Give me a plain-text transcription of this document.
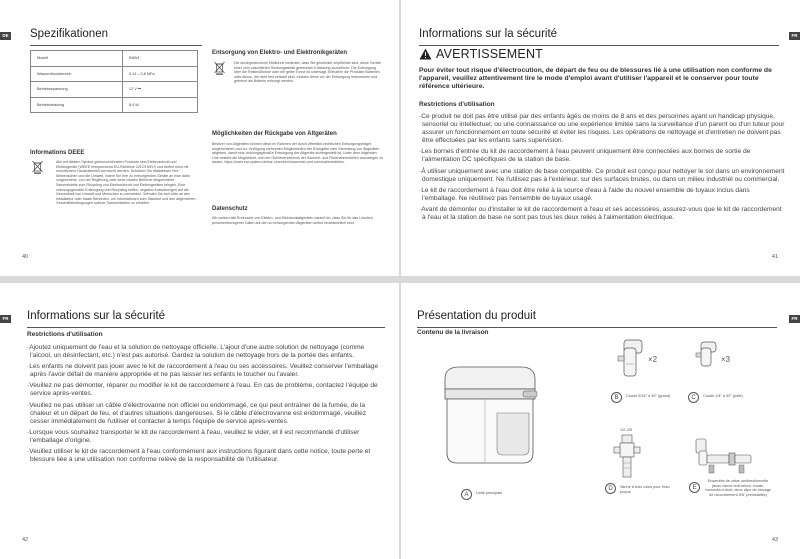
DE Spezifikationen
Modell	RAW1
Wasserdruckbereich	0,14 – 0,8 MPa
Betriebsspannung	12 V ⎓
Betriebsleistung	8,4 W
Informations DEEE
Alle mit diesem Symbol gekennzeichneten Produkte sind Elektroschrott und Elektrogeräte (WEEE entsprechend EU-Richtlinie 2012/19/EU) und dürfen nicht mit unsortiertem Haushaltsmüll vermischt werden. Schützen Sie stattdessen Ihre Mitmenschen und die Umwelt, indem Sie Ihre zu entsorgenden Geräte an eine dafür vorgesehene, von der Regierung oder einer lokalen Behörde eingerichtete Sammelstelle zum Recycling von Elektroschrott und Elektrogeräten bringen. Eine ordnungsgemäße Entsorgung und Recycling helfen, negative Auswirkungen auf die Gesundheit von Umwelt und Menschen zu vermeiden. Wenden Sie sich bitte an den Installateur oder lokale Behörden, um Informationen zum Standort und den allgemeinen Geschäftsbedingungen solcher Sammelstellen zu erhalten.
Entsorgung von Elektro- und Elektronikgeräten
Die durchgestrichene Mülltonne bedeutet, dass Sie gesetzlich verpflichtet sind, diese Geräte einer vom unsortierten Siedlungsabfall getrennten Erfassung zuzuführen. Die Entsorgung über die Restmülltonne oder die gelbe Tonne ist untersagt. Enthalten die Produkte Batterien oder Akkus, die nicht fest verbaut sind, müssen diese vor der Entsorgung entnommen und getrennt als Batterie entsorgt werden.
Möglichkeiten der Rückgabe von Altgeräten
Besitzer von Altgeräten können diese im Rahmen der durch öffentlich-rechtlichen Entsorgungsträger eingerichteten und zur Verfügung stehenden Möglichkeiten der Rückgabe oder Sammlung von Altgeräten abgeben, damit eine ordnungsgemäße Entsorgung der Altgeräte sichergestellt ist. Unter dem folgenden Link besteht die Möglichkeit, sich ein Onlineverzeichnis der Sammel- und Rücknahmestellen anzuzeigen zu lassen: https://www.ear-system.de/ear-verzeichnis/sammel-und-ruecknahmestellen.
Datenschutz
Wir weisen alle Endnutzer von Elektro- und Elektronikaltgeräten darauf hin, dass Sie für das Löschen personenbezogener Daten auf den zu entsorgenden Altgeräten selbst verantwortlich sind.
40
FR
Informations sur la sécurité
AVERTISSEMENT
Pour éviter tout risque d'électrocution, de départ de feu ou de blessures lié à une utilisation non conforme de l'appareil, veuillez attentivement lire le mode d'emploi avant d'utiliser l'appareil et le conserver pour toute référence ultérieure.
Restrictions d'utilisation
·Ce produit ne doit pas être utilisé par des enfants âgés de moins de 8 ans et des personnes ayant un handicap physique, sensoriel ou intellectuel, ou une connaissance ou une expérience limitée sans la surveillance d'un parent ou d'un tuteur pour assurer un fonctionnement en toute sécurité et éviter les risques. Les opérations de nettoyage et d'entretien ne doivent pas être effectuées par les enfants sans supervision.
·Les bornes d'entrée du kit de raccordement à l'eau peuvent uniquement être connectées aux bornes de sortie de l'alimentation DC spécifiques de la station de base.
·À utiliser uniquement avec une station de base compatible. Ce produit est conçu pour nettoyer le sol dans un environnement domestique uniquement. Ne l'utilisez pas à l'extérieur, sur des surfaces brutes, ou dans un milieu industriel ou commercial.
·Le kit de raccordement à l'eau doit être relié à la source d'eau à l'aide du nouvel ensemble de tuyaux inclus dans l'emballage. Ne réutilisez pas l'ensemble de tuyaux usagé.
·Avant de démonter ou d'installer le kit de raccordement à l'eau et ses accessoires, assurez-vous que le kit de raccordement à l'eau et la station de base ne sont pas tous les deux reliés à l'alimentation électrique.
41
FR Informations sur la sécurité
Restrictions d'utilisation
·Ajoutez uniquement de l'eau et la solution de nettoyage officielle. L'ajout d'une autre solution de nettoyage (comme l'alcool, un désinfectant, etc.) n'est pas autorisé. Gardez la solution de nettoyage hors de la portée des enfants.
·Les enfants ne doivent pas jouer avec le kit de raccordement à l'eau ou ses accessoires. Veuillez conserver l'emballage après l'avoir défait de manière appropriée et ne pas laisser les enfants le toucher ou l'avaler.
·Veuillez ne pas démonter, réparer ou modifier le kit de raccordement à l'eau. En cas de problème, contactez l'équipe de service après-ventes.
·Veuillez ne pas utiliser un câble d'électrovanne non officiel ou endommagé, ce qui peut entraîner de la fumée, de la chaleur et un départ de feu, et d'autres situations dangereuses. Si le câble d'électrovanne est endommagé, veuillez cesser immédiatement de l'utiliser et contacter à temps l'équipe de service après-ventes.
·Lorsque vous souhaitez transporter le kit de raccordement à l'eau, veuillez le vider, et il est recommandé d'utiliser l'emballage d'origine.
·Veuillez utiliser le kit de raccordement à l'eau conformément aux instructions figurant dans cette notice, toute perte et blessure liée à une utilisation non conforme relève de la responsabilité de l'utilisateur.
42
FR
Présentation du produit
Contenu de la livraison
A	Unité principale
×2
B	Coude 5/16" à 90° (grand)
×3
C	Coude 1/4" à 90° (petit)
1/2-3/8
D	Vanne à trois voies pour l'eau propre
E
Ensemble de valve unidirectionnelle (avec vanne anti-retour, coude, connecteur droit, deux clips de blocage de raccordement 5/8" préinstallés)
43
